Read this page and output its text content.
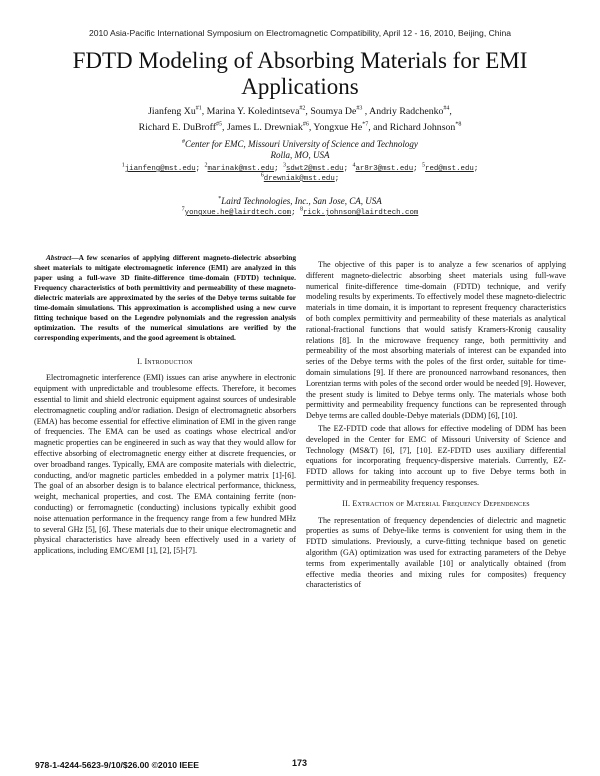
2010 Asia-Pacific International Symposium on Electromagnetic Compatibility, April 12 - 16, 2010, Beijing, China
FDTD Modeling of Absorbing Materials for EMI Applications
Jianfeng Xu$^{\#1}$, Marina Y. Koledintseva$^{\#2}$, Soumya De$^{\#3}$ , Andriy Radchenko$^{\#4}$,
Richard E. DuBroff$^{\#5}$, James L. Drewniak$^{\#6}$, Yongxue He$^{*7}$, and Richard Johnson$^{*8}$
#Center for EMC, Missouri University of Science and Technology
Rolla, MO, USA
$^1$jianfeng@mst.edu; $^2$marinak@mst.edu; $^3$sdwt2@mst.edu; $^4$ar8r3@mst.edu; $^5$red@mst.edu;
$^6$drewniak@mst.edu;
*Laird Technologies, Inc., San Jose, CA, USA
$^7$yongxue.he@lairdtech.com; $^8$rick.johnson@lairdtech.com

Abstract—A few scenarios of applying different magneto-dielectric absorbing sheet materials to mitigate electromagnetic inference (EMI) are analyzed in this paper using a full-wave 3D finite-difference time-domain (FDTD) technique. Frequency characteristics of both permittivity and permeability of these magneto-dielectric materials are approximated by the series of the Debye terms suitable for time-domain simulations. This approximation is accomplished using a new curve fitting technique based on the Legendre polynomials and the regression analysis optimization. The results of the numerical simulations are verified by the corresponding experiments, and the good agreement is obtained.

I. Introduction

Electromagnetic interference (EMI) issues can arise anywhere in electronic equipment with unpredictable and troublesome effects. Therefore, it becomes essential to limit and shield electronic equipment against sources of undesirable electromagnetic coupling and/or radiation. Design of electromagnetic absorbers (EMA) has become essential for effective elimination of EMI in the given range of frequencies. The EMA can be used as coatings whose electrical and/or magnetic properties can be engineered in such as way that they would allow for effective absorbing of electromagnetic energy either at discrete frequencies, or over broadband ranges. Typically, EMA are composite materials with dielectric, conducting, and/or magnetic particles embedded in a polymer matrix [1]-[6]. The goal of an absorber design is to balance electrical performance, thickness, weight, mechanical properties, and cost. The EMA containing ferrite (non-conducting) or ferromagnetic (conducting) inclusions typically exhibit good noise attenuation performance in the frequency range from a few hundred MHz to several GHz [5], [6]. These materials due to their unique electromagnetic and physical characteristics have already been effectively used in a variety of applications, including EMC/EMI [1], [2], [5]-[7].

The objective of this paper is to analyze a few scenarios of applying different magneto-dielectric absorbing sheet materials using full-wave numerical finite-difference time-domain (FDTD) technique, and verify modeling results by experiments. To effectively model these magneto-dielectric materials in time domain, it is important to represent frequency characteristics of both complex permittivity and permeability of these materials as analytical rational-fractional functions that would satisfy Kramers-Kronig causality relations [8]. In the microwave frequency range, both permittivity and permeability of the most absorbing materials of interest can be expanded into series of the Debye terms with the poles of the first order, suitable for time-domain simulations [9]. If there are pronounced narrowband resonances, then Lorentzian terms with poles of the second order would be needed [9]. However, the present study is limited to Debye terms only. The materials whose both permittivity and permeability frequency functions can be represented through Debye terms are called double-Debye materials (DDM) [6], [10].

The EZ-FDTD code that allows for effective modeling of DDM has been developed in the Center for EMC of Missouri University of Science and Technology (MS&T) [6], [7], [10]. EZ-FDTD uses auxiliary differential equations for incorporating frequency-dispersive materials. Currently, EZ-FDTD allows for taking into account up to five Debye terms both in permittivity and in permeability frequency responses.

II. Extraction of Material Frequency Dependences

The representation of frequency dependencies of dielectric and magnetic properties as sums of Debye-like terms is convenient for using them in the FDTD simulations. Previously, a curve-fitting technique based on genetic algorithm (GA) optimization was used for extracting parameters of the Debye terms from experimentally available [10] or analytically obtained (from effective media theories and mixing rules for composites) frequency characteristics of

978-1-4244-5623-9/10/$26.00 ©2010 IEEE	173
